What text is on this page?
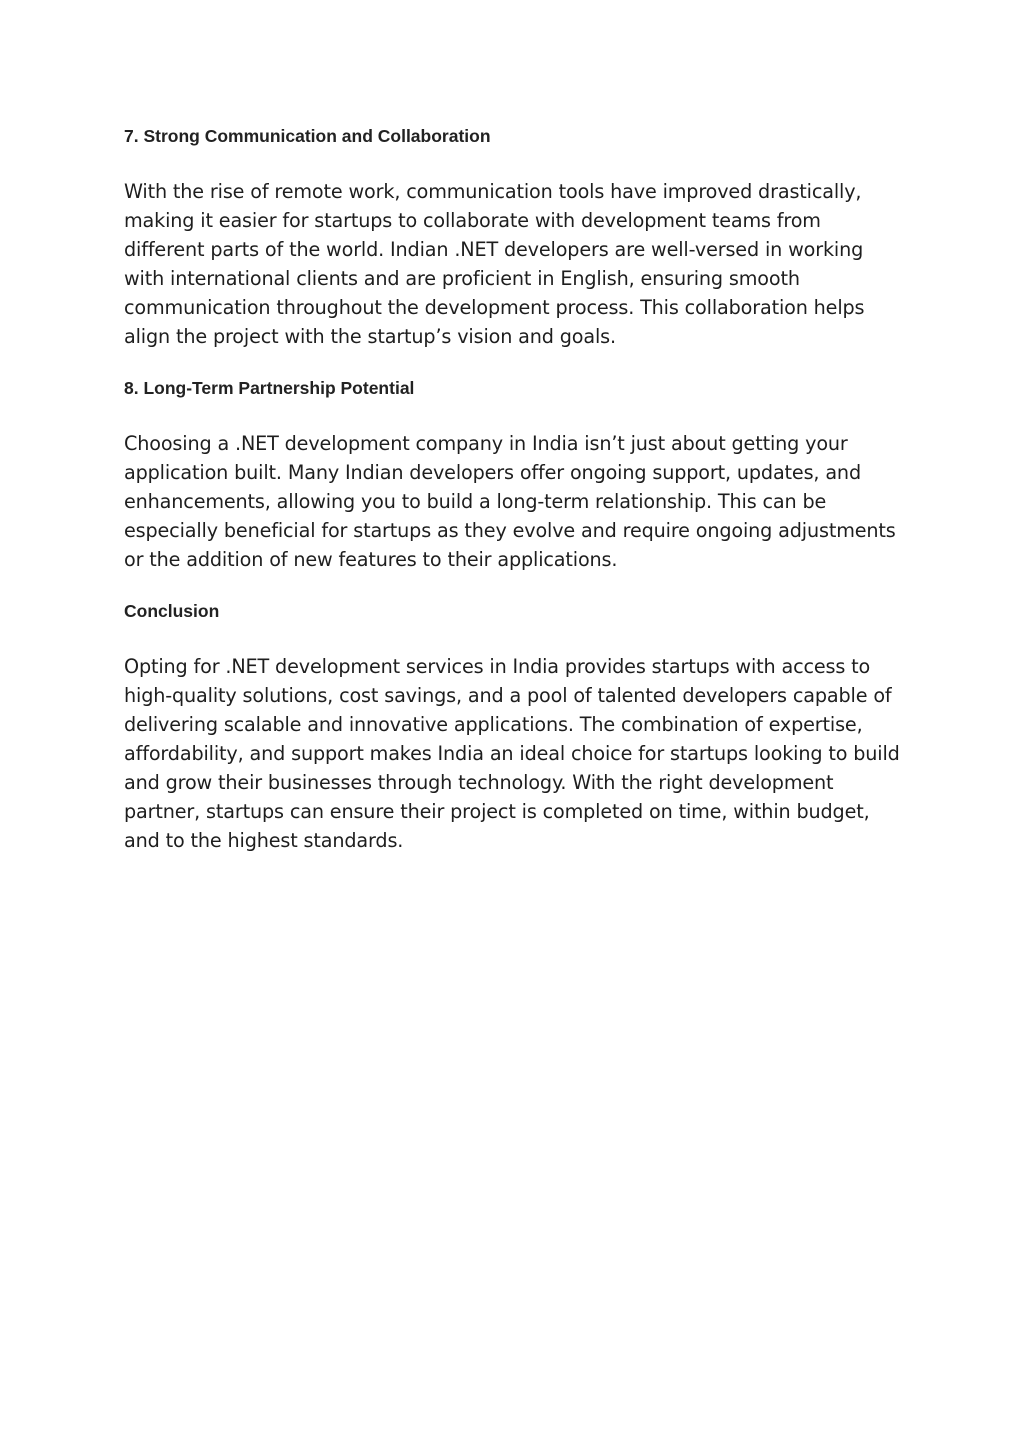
7. Strong Communication and Collaboration

With the rise of remote work, communication tools have improved drastically, making it easier for startups to collaborate with development teams from different parts of the world. Indian .NET developers are well-versed in working with international clients and are proficient in English, ensuring smooth communication throughout the development process. This collaboration helps align the project with the startup’s vision and goals.

8. Long-Term Partnership Potential

Choosing a .NET development company in India isn’t just about getting your application built. Many Indian developers offer ongoing support, updates, and enhancements, allowing you to build a long-term relationship. This can be especially beneficial for startups as they evolve and require ongoing adjustments or the addition of new features to their applications.

Conclusion

Opting for .NET development services in India provides startups with access to high-quality solutions, cost savings, and a pool of talented developers capable of delivering scalable and innovative applications. The combination of expertise, affordability, and support makes India an ideal choice for startups looking to build and grow their businesses through technology. With the right development partner, startups can ensure their project is completed on time, within budget, and to the highest standards.
